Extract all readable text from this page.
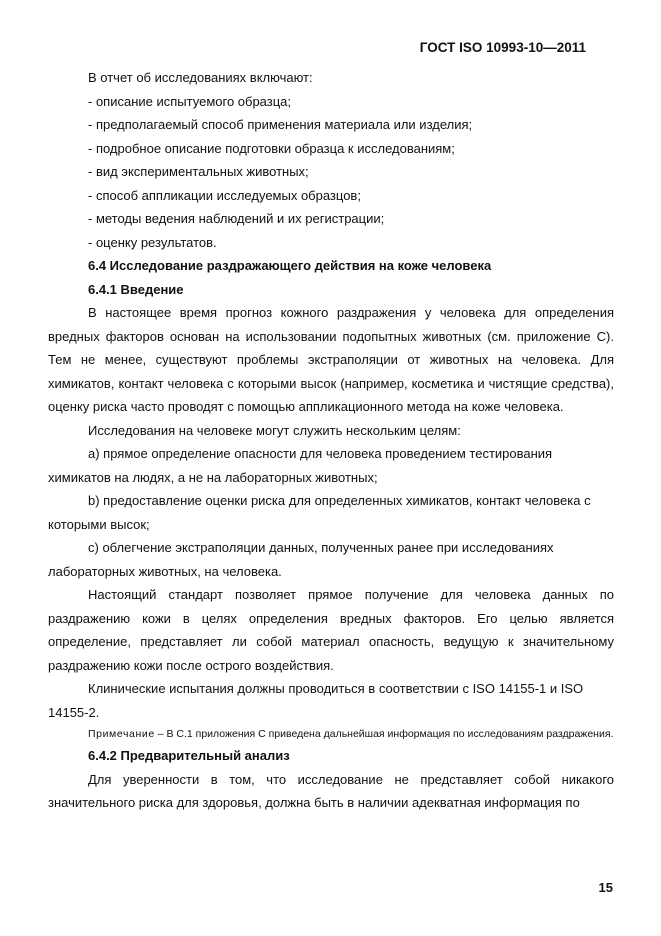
ГОСТ ISO 10993-10—2011

В отчет об исследованиях включают:

- описание испытуемого образца;

- предполагаемый способ применения материала или изделия;

- подробное описание подготовки образца к исследованиям;

- вид экспериментальных животных;

- способ аппликации исследуемых образцов;

- методы ведения наблюдений и их регистрации;

- оценку результатов.

6.4 Исследование раздражающего действия на коже человека

6.4.1 Введение

В настоящее время прогноз кожного раздражения у человека для определения вредных факторов основан на использовании подопытных животных (см. приложение С). Тем не менее, существуют проблемы экстраполяции от животных на человека. Для химикатов, контакт человека с которыми высок (например, косметика и чистящие средства), оценку риска часто проводят с помощью аппликационного метода на коже человека.

Исследования на человеке могут служить нескольким целям:

a) прямое определение опасности для человека проведением тестирования химикатов на людях, а не на лабораторных животных;

b) предоставление оценки риска для определенных химикатов, контакт человека с которыми высок;

c) облегчение экстраполяции данных, полученных ранее при исследованиях лабораторных животных, на человека.

Настоящий стандарт позволяет прямое получение для человека данных по раздражению кожи в целях определения вредных факторов. Его целью является определение, представляет ли собой материал опасность, ведущую к значительному раздражению кожи после острого воздействия.

Клинические испытания должны проводиться в соответствии с ISO 14155-1 и ISO 14155-2.

Примечание – В С.1 приложения С приведена дальнейшая информация по исследованиям раздражения.

6.4.2 Предварительный анализ

Для уверенности в том, что исследование не представляет собой никакого значительного риска для здоровья, должна быть в наличии адекватная информация по

15
